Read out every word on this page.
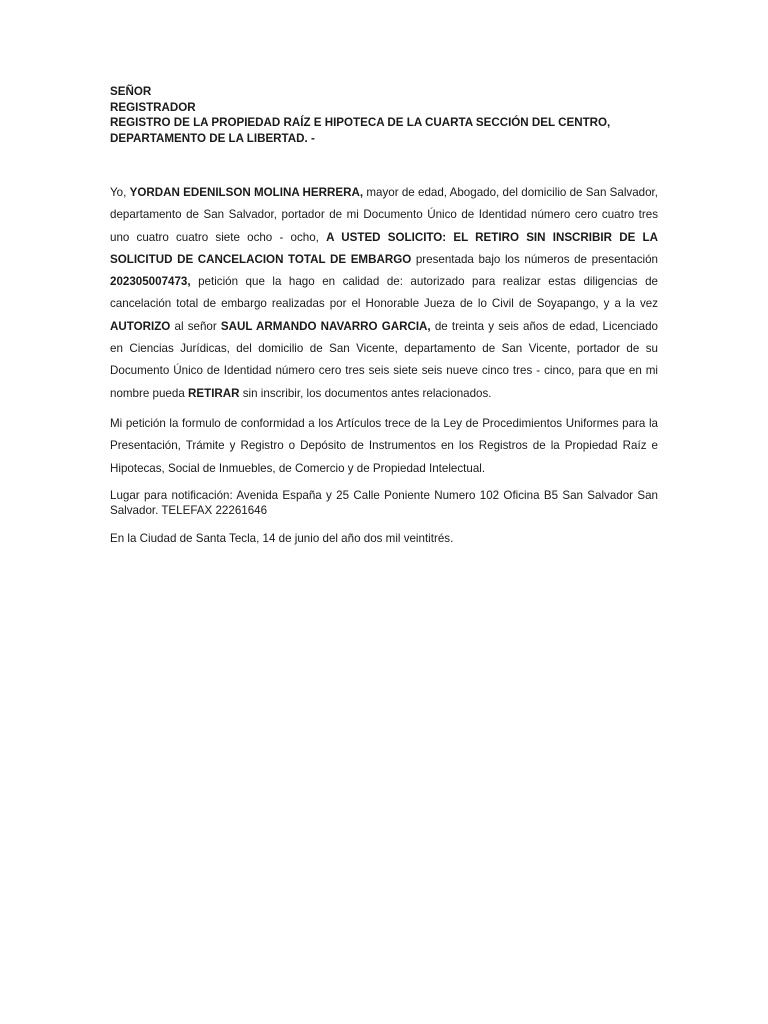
SEÑOR
REGISTRADOR
REGISTRO DE LA PROPIEDAD RAÍZ E HIPOTECA DE LA CUARTA SECCIÓN DEL CENTRO, DEPARTAMENTO DE LA LIBERTAD. -

Yo, YORDAN EDENILSON MOLINA HERRERA, mayor de edad, Abogado, del domicilio de San Salvador, departamento de San Salvador, portador de mi Documento Único de Identidad número cero cuatro tres uno cuatro cuatro siete ocho - ocho, A USTED SOLICITO: EL RETIRO SIN INSCRIBIR DE LA SOLICITUD DE CANCELACION TOTAL DE EMBARGO presentada bajo los números de presentación 202305007473, petición que la hago en calidad de: autorizado para realizar estas diligencias de cancelación total de embargo realizadas por el Honorable Jueza de lo Civil de Soyapango, y a la vez AUTORIZO al señor SAUL ARMANDO NAVARRO GARCIA, de treinta y seis años de edad, Licenciado en Ciencias Jurídicas, del domicilio de San Vicente, departamento de San Vicente, portador de su Documento Único de Identidad número cero tres seis siete seis nueve cinco tres - cinco, para que en mi nombre pueda RETIRAR sin inscribir, los documentos antes relacionados.

Mi petición la formulo de conformidad a los Artículos trece de la Ley de Procedimientos Uniformes para la Presentación, Trámite y Registro o Depósito de Instrumentos en los Registros de la Propiedad Raíz e Hipotecas, Social de Inmuebles, de Comercio y de Propiedad Intelectual.

Lugar para notificación: Avenida España y 25 Calle Poniente Numero 102 Oficina B5 San Salvador San Salvador. TELEFAX 22261646

En la Ciudad de Santa Tecla, 14 de junio del año dos mil veintitrés.
